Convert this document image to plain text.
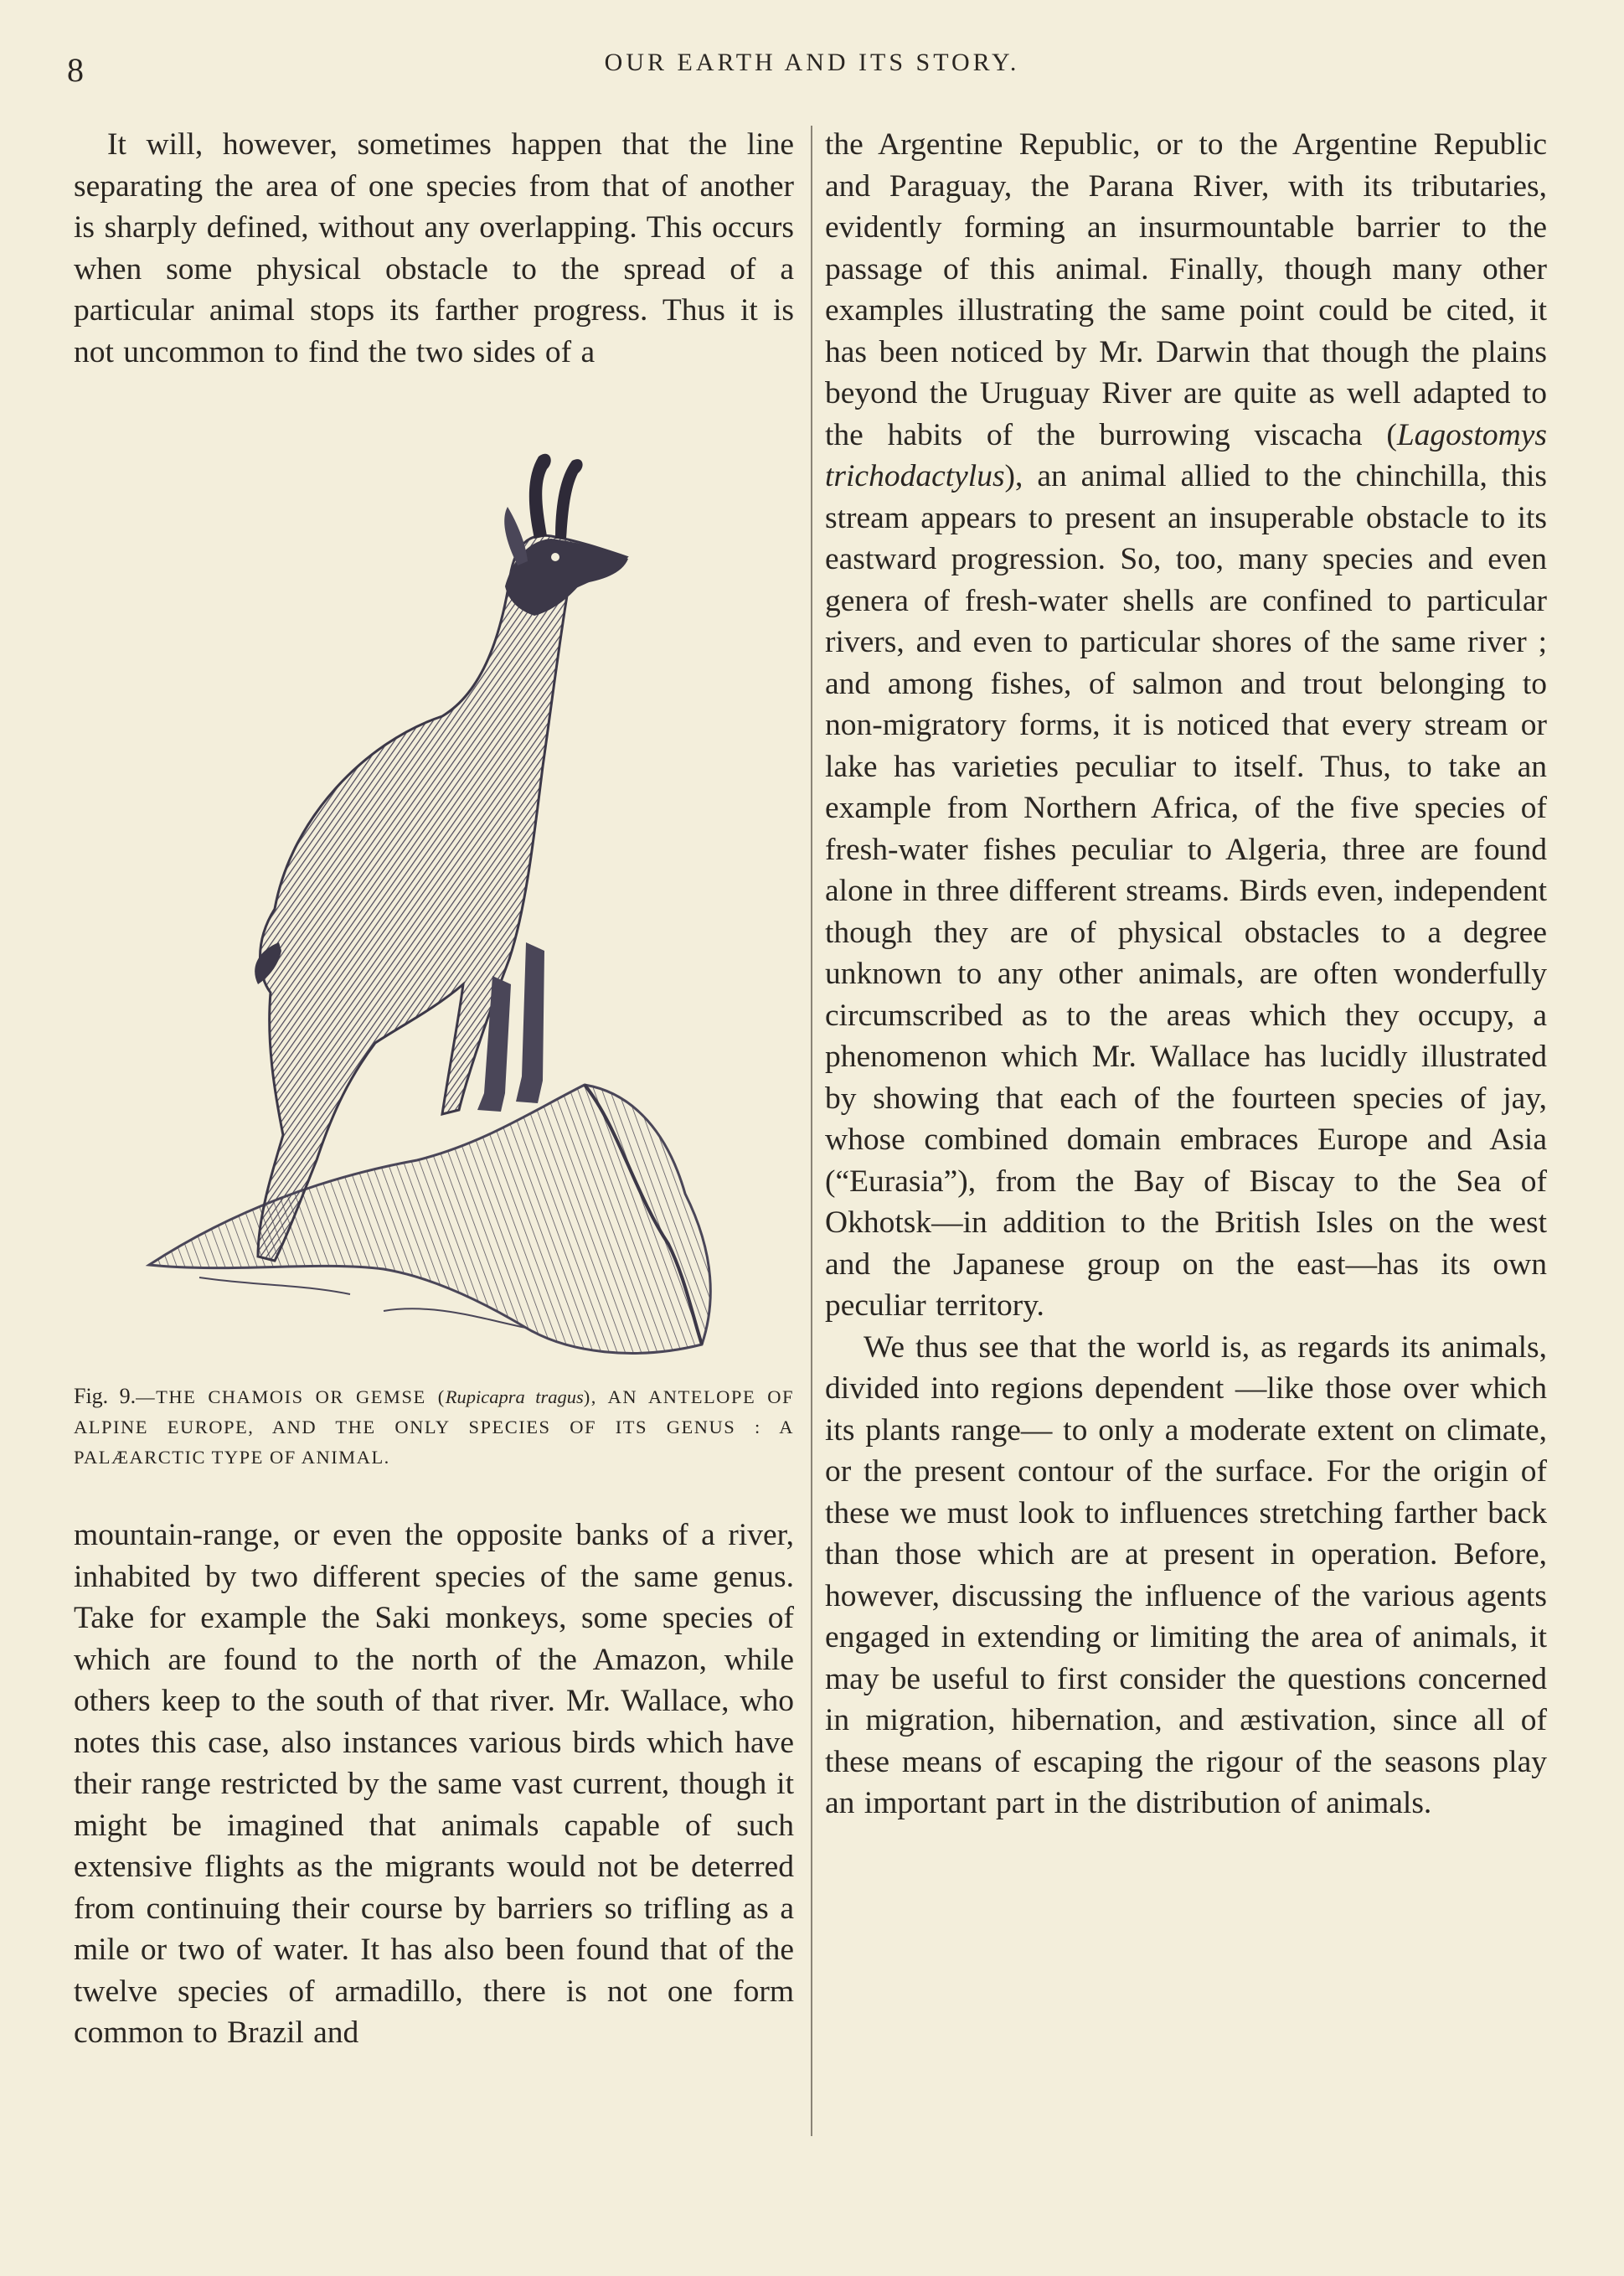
8	OUR EARTH AND ITS STORY.

It will, however, sometimes happen that the line separating the area of one species from that of another is sharply defined, without any overlapping. This occurs when some physical obstacle to the spread of a particular animal stops its farther progress. Thus it is not uncommon to find the two sides of a

Fig. 9.—THE CHAMOIS OR GEMSE (Rupicapra tragus), AN ANTELOPE OF ALPINE EUROPE, AND THE ONLY SPECIES OF ITS GENUS : A PALÆARCTIC TYPE OF ANIMAL.

mountain-range, or even the opposite banks of a river, inhabited by two different species of the same genus. Take for example the Saki monkeys, some species of which are found to the north of the Amazon, while others keep to the south of that river. Mr. Wallace, who notes this case, also instances various birds which have their range restricted by the same vast current, though it might be imagined that animals capable of such extensive flights as the migrants would not be deterred from continuing their course by barriers so trifling as a mile or two of water. It has also been found that of the twelve species of armadillo, there is not one form common to Brazil and

the Argentine Republic, or to the Argentine Republic and Paraguay, the Parana River, with its tributaries, evidently forming an insurmountable barrier to the passage of this animal. Finally, though many other examples illustrating the same point could be cited, it has been noticed by Mr. Darwin that though the plains beyond the Uruguay River are quite as well adapted to the habits of the burrowing viscacha (Lagostomys trichodactylus), an animal allied to the chinchilla, this stream appears to present an insuperable obstacle to its eastward progression. So, too, many species and even genera of fresh-water shells are confined to particular rivers, and even to particular shores of the same river ; and among fishes, of salmon and trout belonging to non-migratory forms, it is noticed that every stream or lake has varieties peculiar to itself. Thus, to take an example from Northern Africa, of the five species of fresh-water fishes peculiar to Algeria, three are found alone in three different streams. Birds even, independent though they are of physical obstacles to a degree unknown to any other animals, are often wonderfully circumscribed as to the areas which they occupy, a phenomenon which Mr. Wallace has lucidly illustrated by showing that each of the fourteen species of jay, whose combined domain embraces Europe and Asia (“Eurasia”), from the Bay of Biscay to the Sea of Okhotsk—in addition to the British Isles on the west and the Japanese group on the east—has its own peculiar territory.

We thus see that the world is, as regards its animals, divided into regions dependent —like those over which its plants range— to only a moderate extent on climate, or the present contour of the surface. For the origin of these we must look to influences stretching farther back than those which are at present in operation. Before, however, discussing the influence of the various agents engaged in extending or limiting the area of animals, it may be useful to first consider the questions concerned in migration, hibernation, and æstivation, since all of these means of escaping the rigour of the seasons play an important part in the distribution of animals.
